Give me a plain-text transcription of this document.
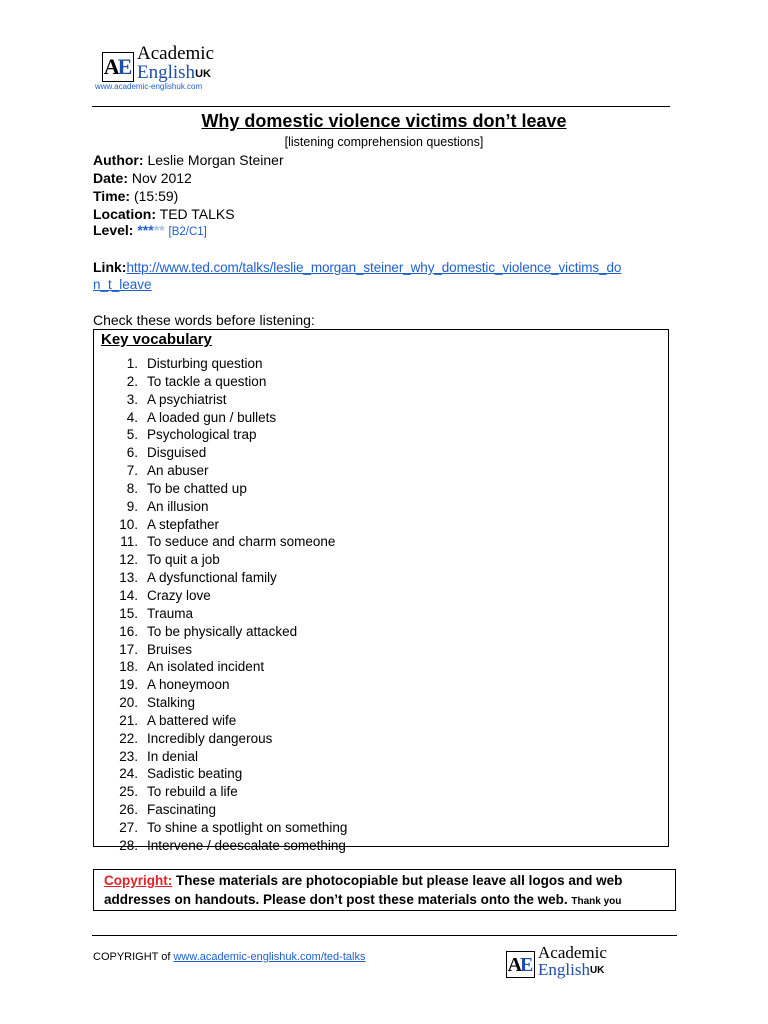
A
E
Academic
English UK
www.academic-englishuk.com
Why domestic violence victims don’t leave
[listening comprehension questions]
Author: Leslie Morgan Steiner
Date: Nov 2012
Time: (15:59)
Location: TED TALKS
Level: ***** [B2/C1]
Link:http://www.ted.com/talks/leslie_morgan_steiner_why_domestic_violence_victims_do
n_t_leave
Check these words before listening:
Key vocabulary
1. Disturbing question
2. To tackle a question
3. A psychiatrist
4. A loaded gun / bullets
5. Psychological trap
6. Disguised
7. An abuser
8. To be chatted up
9. An illusion
10. A stepfather
11. To seduce and charm someone
12. To quit a job
13. A dysfunctional family
14. Crazy love
15. Trauma
16. To be physically attacked
17. Bruises
18. An isolated incident
19. A honeymoon
20. Stalking
21. A battered wife
22. Incredibly dangerous
23. In denial
24. Sadistic beating
25. To rebuild a life
26. Fascinating
27. To shine a spotlight on something
28. Intervene / deescalate something
Copyright: These materials are photocopiable but please leave all logos and web
addresses on handouts. Please don’t post these materials onto the web. Thank you
COPYRIGHT of www.academic-englishuk.com/ted-talks	A
E
Academic
English UK
